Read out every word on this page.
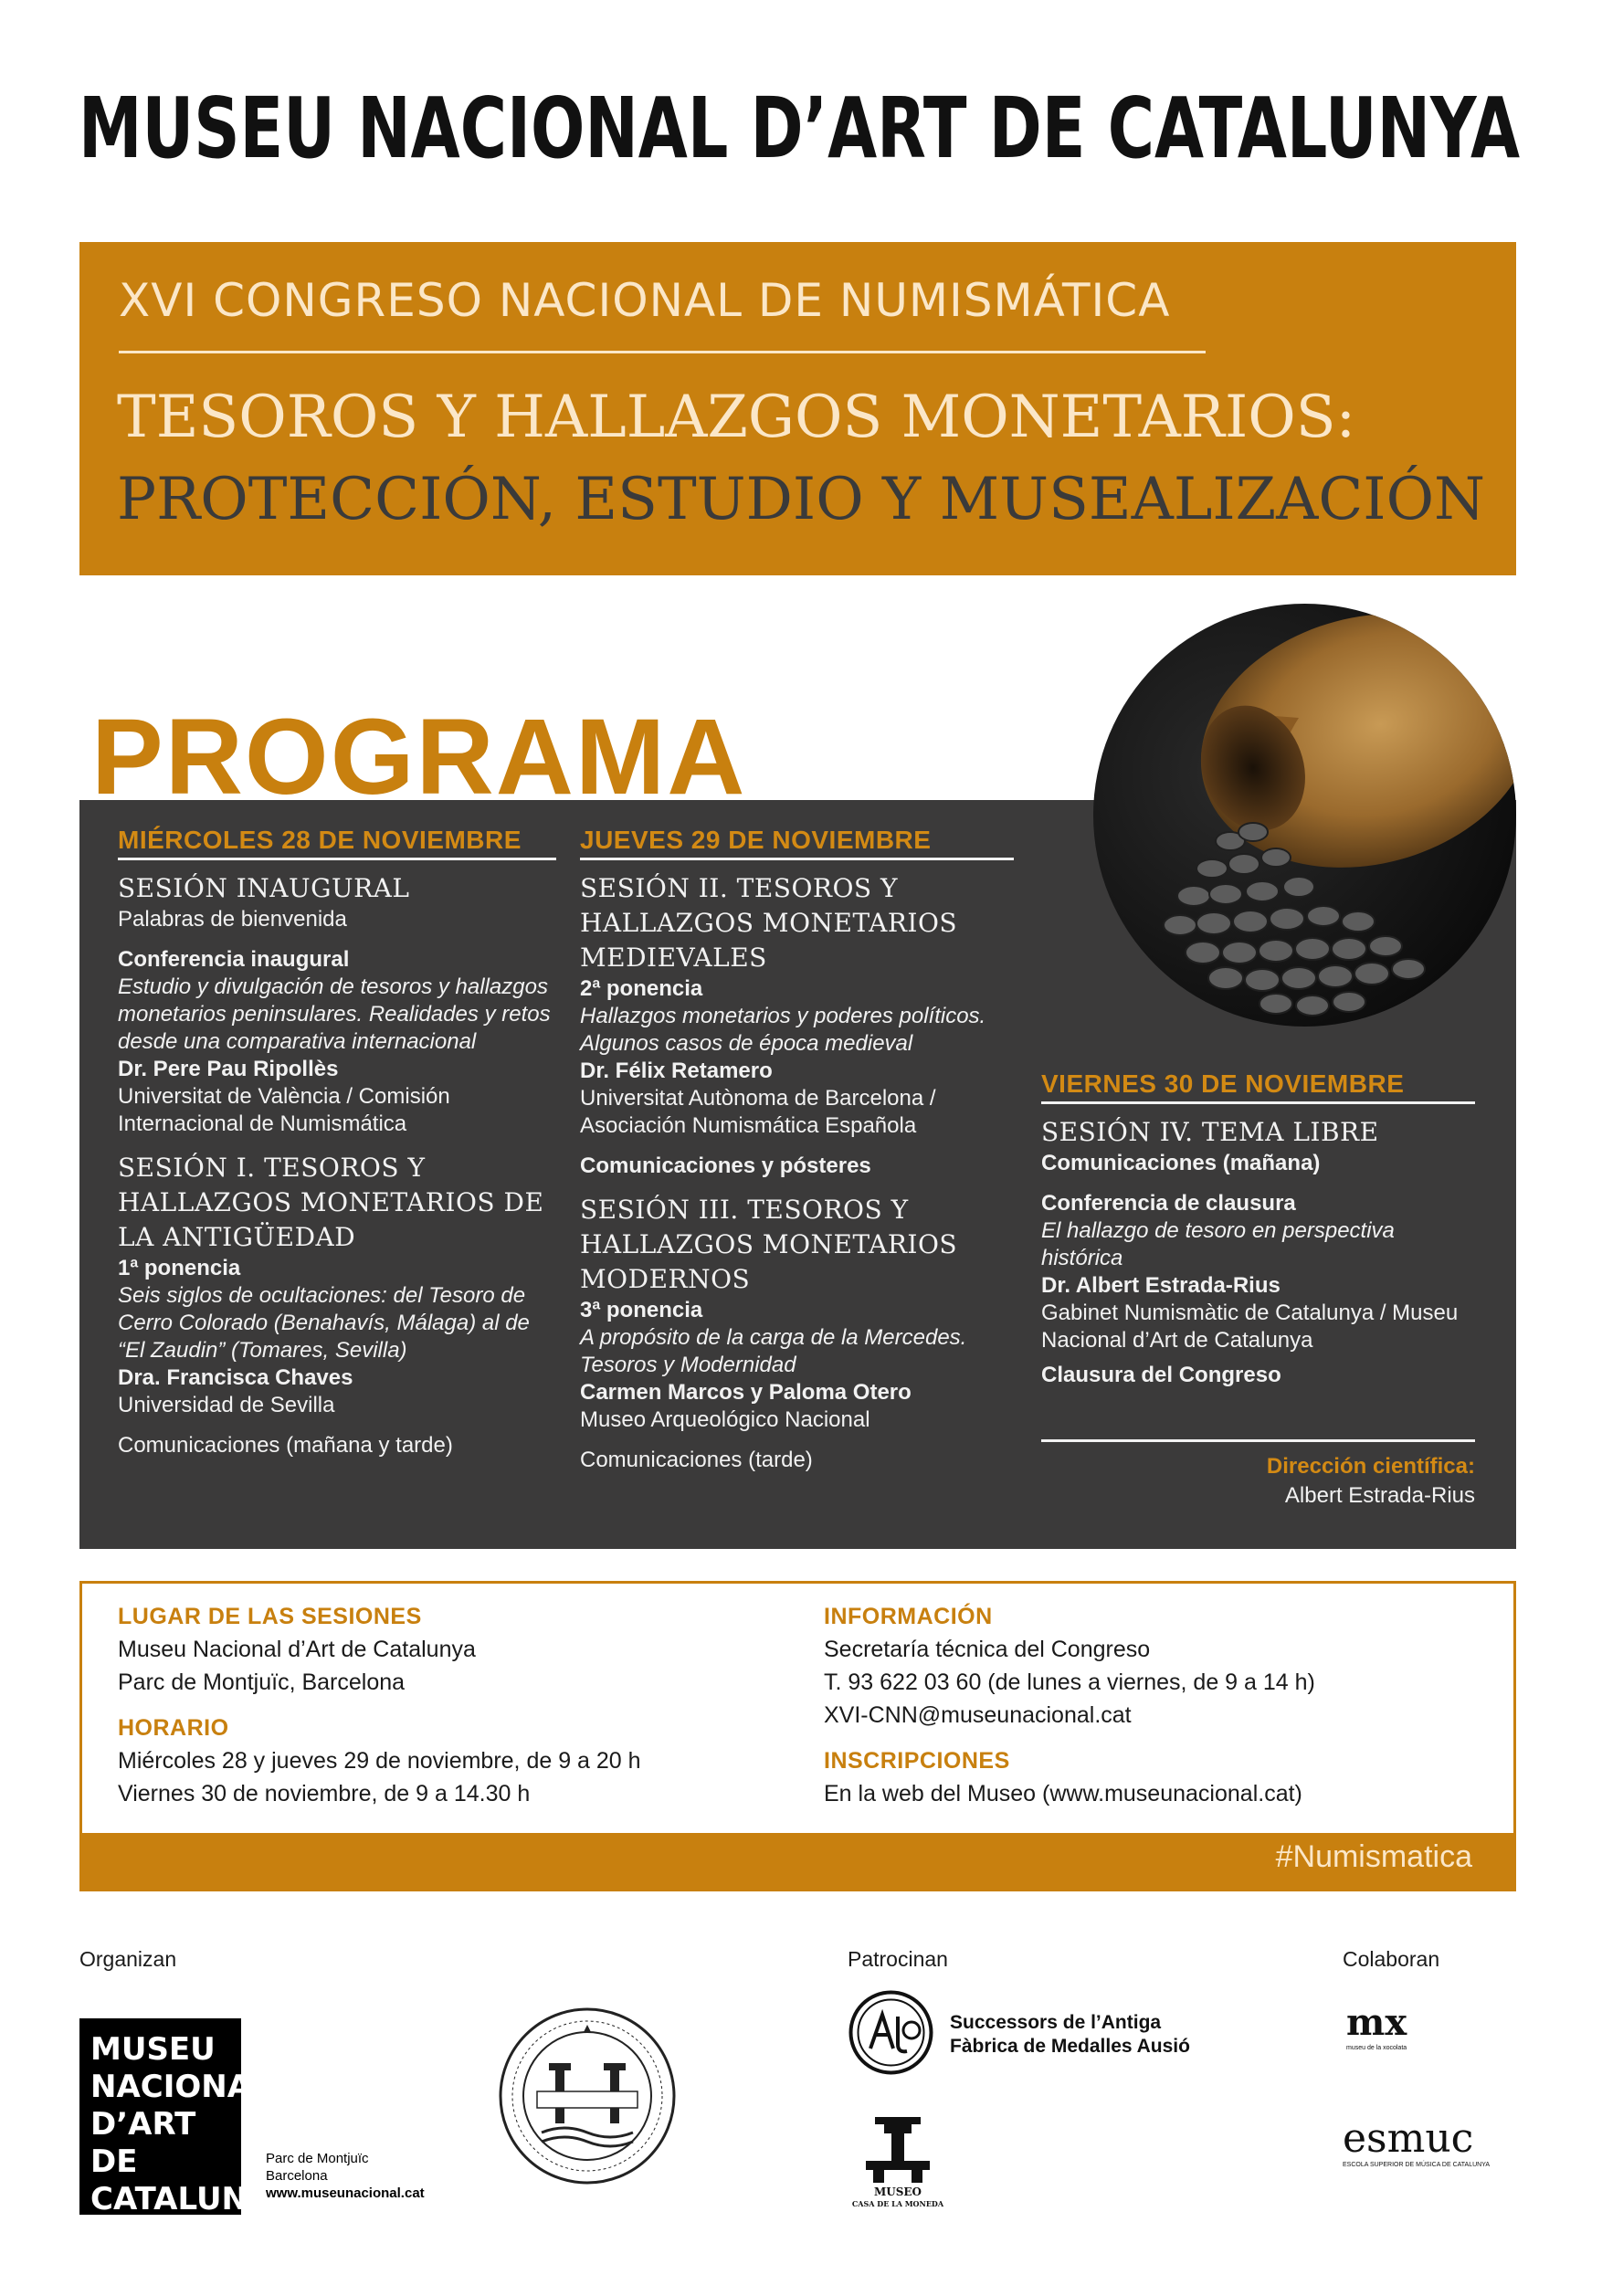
MUSEU NACIONAL D’ART DE CATALUNYA
XVI CONGRESO NACIONAL DE NUMISMÁTICA
TESOROS Y HALLAZGOS MONETARIOS:
PROTECCIÓN, ESTUDIO Y MUSEALIZACIÓN
PROGRAMA
MIÉRCOLES 28 DE NOVIEMBRE
SESIÓN INAUGURAL
Palabras de bienvenida
Conferencia inaugural
Estudio y divulgación de tesoros y hallazgos monetarios peninsulares. Realidades y retos desde una comparativa internacional
Dr. Pere Pau Ripollès
Universitat de València / Comisión Internacional de Numismática
SESIÓN I. TESOROS Y HALLAZGOS MONETARIOS DE LA ANTIGÜEDAD
1ª ponencia
Seis siglos de ocultaciones: del Tesoro de Cerro Colorado (Benahavís, Málaga) al de “El Zaudin” (Tomares, Sevilla)
Dra. Francisca Chaves
Universidad de Sevilla
Comunicaciones (mañana y tarde)
JUEVES 29 DE NOVIEMBRE
SESIÓN II. TESOROS Y HALLAZGOS MONETARIOS MEDIEVALES
2ª ponencia
Hallazgos monetarios y poderes políticos. Algunos casos de época medieval
Dr. Félix Retamero
Universitat Autònoma de Barcelona / Asociación Numismática Española
Comunicaciones y pósteres
SESIÓN III. TESOROS Y HALLAZGOS MONETARIOS MODERNOS
3ª ponencia
A propósito de la carga de la Mercedes. Tesoros y Modernidad
Carmen Marcos y Paloma Otero
Museo Arqueológico Nacional
Comunicaciones (tarde)
VIERNES 30 DE NOVIEMBRE
SESIÓN IV. TEMA LIBRE
Comunicaciones (mañana)
Conferencia de clausura
El hallazgo de tesoro en perspectiva histórica
Dr. Albert Estrada-Rius
Gabinet Numismàtic de Catalunya / Museu Nacional d’Art de Catalunya
Clausura del Congreso
Dirección científica:
Albert Estrada-Rius
LUGAR DE LAS SESIONES
Museu Nacional d’Art de Catalunya
Parc de Montjuïc, Barcelona
HORARIO
Miércoles 28 y jueves 29 de noviembre, de 9 a 20 h
Viernes 30 de noviembre, de 9 a 14.30 h
INFORMACIÓN
Secretaría técnica del Congreso
T. 93 622 03 60 (de lunes a viernes, de 9 a 14 h)
XVI-CNN@museunacional.cat
INSCRIPCIONES
En la web del Museo (www.museunacional.cat)
#Numismatica
Organizan	Patrocinan	Colaboran
MUSEU
NACIONAL
D’ART DE
CATALUNYA
Parc de Montjuïc
Barcelona
www.museunacional.cat
Successors de l’Antiga
Fàbrica de Medalles Ausió
MUSEO
CASA DE LA MONEDA
mx
museu de la xocolata
esmuc
ESCOLA SUPERIOR DE MÚSICA DE CATALUNYA
